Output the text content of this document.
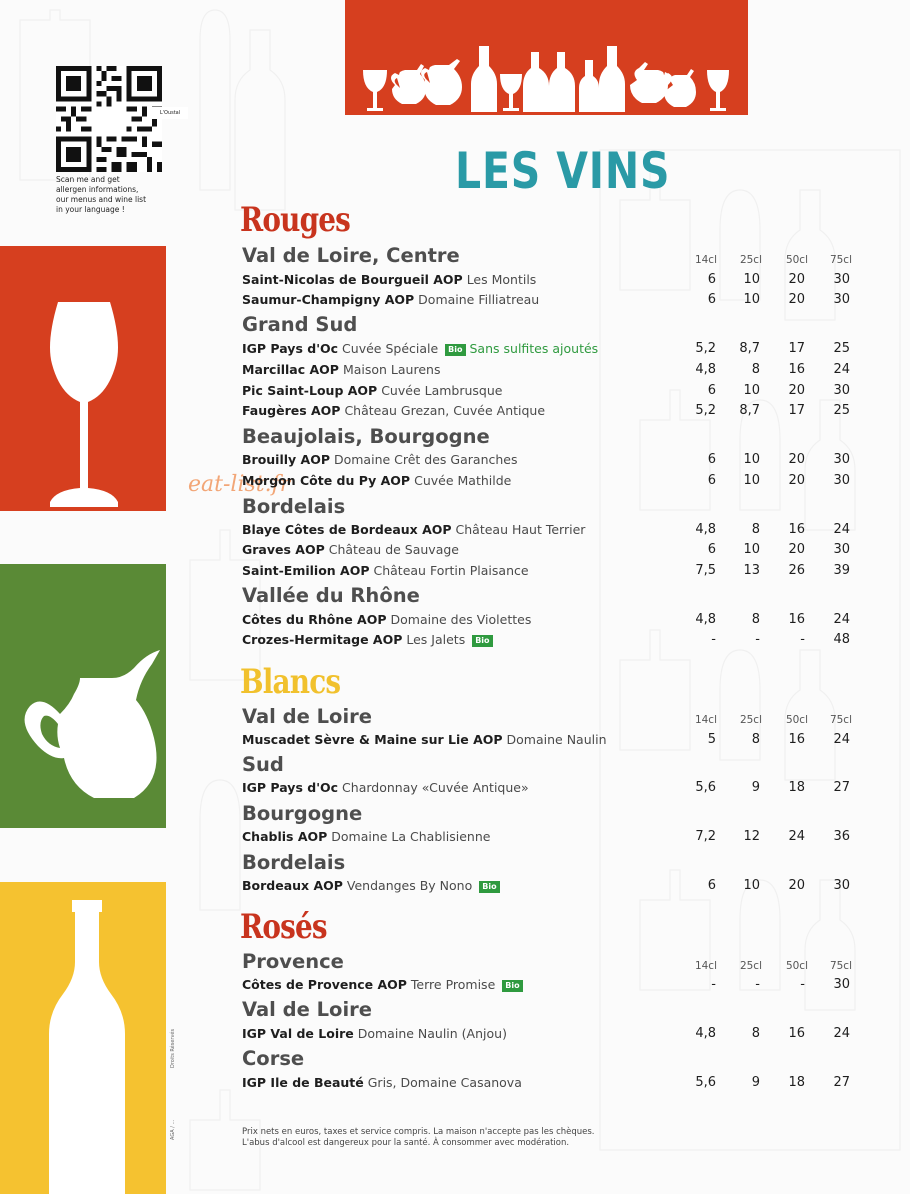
LES VINS
L'Oustal
Scan me and get
allergen informations,
our menus and wine list
in your language !
Droits Réservés
AGA / ...
eat-list.fr
Rouges
Val de Loire, Centre	14cl	25cl	50cl	75cl
Saint-Nicolas de Bourgueil AOP Les Montils	6	10	20	30
Saumur-Champigny AOP Domaine Filliatreau	6	10	20	30
Grand Sud
IGP Pays d'Oc Cuvée Spéciale Bio Sans sulfites ajoutés	5,2	8,7	17	25
Marcillac AOP Maison Laurens	4,8	8	16	24
Pic Saint-Loup AOP Cuvée Lambrusque	6	10	20	30
Faugères AOP Château Grezan, Cuvée Antique	5,2	8,7	17	25
Beaujolais, Bourgogne
Brouilly AOP Domaine Crêt des Garanches	6	10	20	30
Morgon Côte du Py AOP Cuvée Mathilde	6	10	20	30
Bordelais
Blaye Côtes de Bordeaux AOP Château Haut Terrier	4,8	8	16	24
Graves AOP Château de Sauvage	6	10	20	30
Saint-Emilion AOP Château Fortin Plaisance	7,5	13	26	39
Vallée du Rhône
Côtes du Rhône AOP Domaine des Violettes	4,8	8	16	24
Crozes-Hermitage AOP Les Jalets Bio	-	-	-	48
Blancs
Val de Loire	14cl	25cl	50cl	75cl
Muscadet Sèvre & Maine sur Lie AOP Domaine Naulin	5	8	16	24
Sud
IGP Pays d'Oc Chardonnay «Cuvée Antique»	5,6	9	18	27
Bourgogne
Chablis AOP Domaine La Chablisienne	7,2	12	24	36
Bordelais
Bordeaux AOP Vendanges By Nono Bio	6	10	20	30
Rosés
Provence	14cl	25cl	50cl	75cl
Côtes de Provence AOP Terre Promise Bio	-	-	-	30
Val de Loire
IGP Val de Loire Domaine Naulin (Anjou)	4,8	8	16	24
Corse
IGP Ile de Beauté Gris, Domaine Casanova	5,6	9	18	27
Prix nets en euros, taxes et service compris. La maison n'accepte pas les chèques.
L'abus d'alcool est dangereux pour la santé. À consommer avec modération.
